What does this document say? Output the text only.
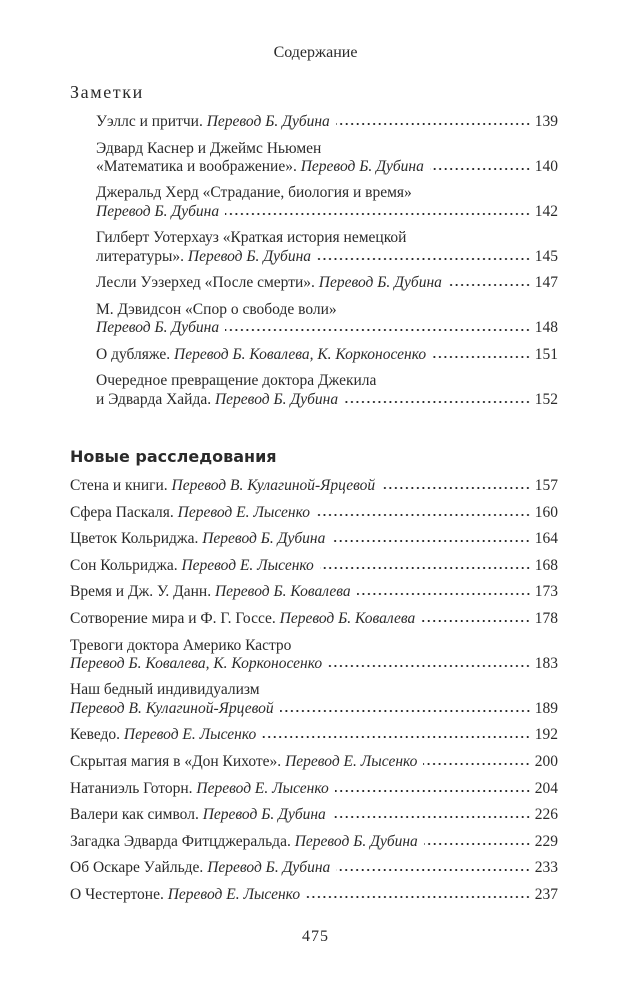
Содержание
Заметки
Уэллс и притчи. Перевод Б. Дубина	139
Эдвард Каснер и Джеймс Ньюмен
«Математика и воображение». Перевод Б. Дубина	140
Джеральд Херд «Страдание, биология и время»
Перевод Б. Дубина	142
Гилберт Уотерхауз «Краткая история немецкой
литературы». Перевод Б. Дубина	145
Лесли Уэзерхед «После смерти». Перевод Б. Дубина	147
М. Дэвидсон «Спор о свободе воли»
Перевод Б. Дубина	148
О дубляже. Перевод Б. Ковалева, К. Корконосенко	151
Очередное превращение доктора Джекила
и Эдварда Хайда. Перевод Б. Дубина	152
Новые расследования
Стена и книги. Перевод В. Кулагиной-Ярцевой	157
Сфера Паскаля. Перевод Е. Лысенко	160
Цветок Кольриджа. Перевод Б. Дубина	164
Сон Кольриджа. Перевод Е. Лысенко	168
Время и Дж. У. Данн. Перевод Б. Ковалева	173
Сотворение мира и Ф. Г. Госсе. Перевод Б. Ковалева	178
Тревоги доктора Америко Кастро
Перевод Б. Ковалева, К. Корконосенко	183
Наш бедный индивидуализм
Перевод В. Кулагиной-Ярцевой	189
Кеведо. Перевод Е. Лысенко	192
Скрытая магия в «Дон Кихоте». Перевод Е. Лысенко	200
Натаниэль Готорн. Перевод Е. Лысенко	204
Валери как символ. Перевод Б. Дубина	226
Загадка Эдварда Фитцджеральда. Перевод Б. Дубина	229
Об Оскаре Уайльде. Перевод Б. Дубина	233
О Честертоне. Перевод Е. Лысенко	237
475
